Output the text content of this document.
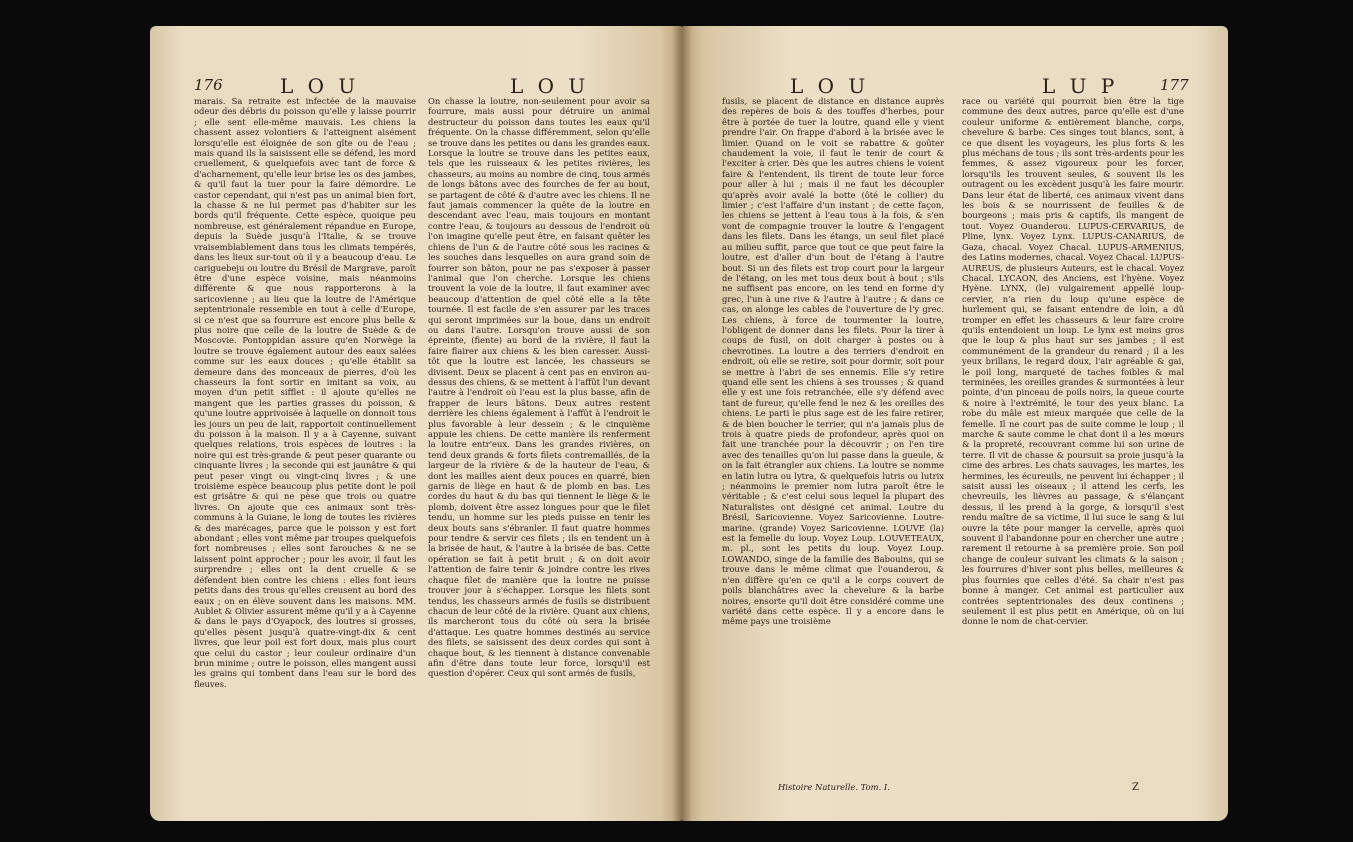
176	L O U	L O U
marais. Sa retraite est infectée de la mauvaise odeur des débris du poisson qu'elle y laisse pourrir ; elle sent elle-même mauvais. Les chiens la chassent assez volontiers & l'atteignent aisément lorsqu'elle est éloignée de son gîte ou de l'eau ; mais quand ils la saisissent elle se défend, les mord cruellement, & quelquefois avec tant de force & d'acharnement, qu'elle leur brise les os des jambes, & qu'il faut la tuer pour la faire démordre. Le castor cependant, qui n'est pas un animal bien fort, la chasse & ne lui permet pas d'habiter sur les bords qu'il fréquente. Cette espèce, quoique peu nombreuse, est généralement répandue en Europe, depuis la Suède jusqu'à l'Italie, & se trouve vraisemblablement dans tous les climats tempérés, dans les lieux sur-tout où il y a beaucoup d'eau. Le cariguebeju ou loutre du Brésil de Margrave, paroît être d'une espèce voisine, mais néanmoins différente & que nous rapporterons à la saricovienne ; au lieu que la loutre de l'Amérique septentrionale ressemble en tout à celle d'Europe, si ce n'est que sa fourrure est encore plus belle & plus noire que celle de la loutre de Suède & de Moscovie. Pontoppidan assure qu'en Norwège la loutre se trouve également autour des eaux salées comme sur les eaux douces ; qu'elle établit sa demeure dans des monceaux de pierres, d'où les chasseurs la font sortir en imitant sa voix, au moyen d'un petit sifflet : il ajoute qu'elles ne mangent que les parties grasses du poisson, & qu'une loutre apprivoisée à laquelle on donnoit tous les jours un peu de lait, rapportoit continuellement du poisson à la maison. Il y a à Cayenne, suivant quelques relations, trois espèces de loutres : la noire qui est très-grande & peut peser quarante ou cinquante livres ; la seconde qui est jaunâtre & qui peut peser vingt ou vingt-cinq livres ; & une troisième espèce beaucoup plus petite dont le poil est grisâtre & qui ne pèse que trois ou quatre livres. On ajoute que ces animaux sont très-communs à la Guiane, le long de toutes les rivières & des marécages, parce que le poisson y est fort abondant ; elles vont même par troupes quelquefois fort nombreuses ; elles sont farouches & ne se laissent point approcher ; pour les avoir, il faut les surprendre ; elles ont la dent cruelle & se défendent bien contre les chiens : elles font leurs petits dans des trous qu'elles creusent au bord des eaux ; on en élève souvent dans les maisons. MM. Aublet & Olivier assurent même qu'il y a à Cayenne & dans le pays d'Oyapock, des loutres si grosses, qu'elles pèsent jusqu'à quatre-vingt-dix & cent livres, que leur poil est fort doux, mais plus court que celui du castor ; leur couleur ordinaire d'un brun minime ; outre le poisson, elles mangent aussi les grains qui tombent dans l'eau sur le bord des fleuves.
On chasse la loutre, non-seulement pour avoir sa fourrure, mais aussi pour détruire un animal destructeur du poisson dans toutes les eaux qu'il fréquente. On la chasse différemment, selon qu'elle se trouve dans les petites ou dans les grandes eaux. Lorsque la loutre se trouve dans les petites eaux, tels que les ruisseaux & les petites rivières, les chasseurs, au moins au nombre de cinq, tous armés de longs bâtons avec des fourches de fer au bout, se partagent de côté & d'autre avec les chiens. Il ne faut jamais commencer la quête de la loutre en descendant avec l'eau, mais toujours en montant contre l'eau, & toujours au dessous de l'endroit où l'on imagine qu'elle peut être, en faisant quêter les chiens de l'un & de l'autre côté sous les racines & les souches dans lesquelles on aura grand soin de fourrer son bâton, pour ne pas s'exposer à passer l'animal que l'on cherche. Lorsque les chiens trouvent la voie de la loutre, il faut examiner avec beaucoup d'attention de quel côté elle a la tête tournée. Il est facile de s'en assurer par les traces qui seront imprimées sur la boue, dans un endroit ou dans l'autre. Lorsqu'on trouve aussi de son épreinte, (fiente) au bord de la rivière, il faut la faire flairer aux chiens & les bien caresser. Aussi-tôt que la loutre est lancée, les chasseurs se divisent. Deux se placent à cent pas en environ au-dessus des chiens, & se mettent à l'affût l'un devant l'autre à l'endroit où l'eau est la plus basse, afin de frapper de leurs bâtons. Deux autres restent derrière les chiens également à l'affût à l'endroit le plus favorable à leur dessein ; & le cinquième appuie les chiens. De cette manière ils renferment la loutre entr'eux. Dans les grandes rivières, on tend deux grands & forts filets contremaillés, de la largeur de la rivière & de la hauteur de l'eau, & dont les mailles aient deux pouces en quarré, bien garnis de liège en haut & de plomb en bas. Les cordes du haut & du bas qui tiennent le liège & le plomb, doivent être assez longues pour que le filet tendu, un homme sur les pieds puisse en tenir les deux bouts sans s'ébranler. Il faut quatre hommes pour tendre & servir ces filets ; ils en tendent un à la brisée de haut, & l'autre à la brisée de bas. Cette opération se fait à petit bruit ; & on doit avoir l'attention de faire tenir & joindre contre les rives chaque filet de manière que la loutre ne puisse trouver jour à s'échapper. Lorsque les filets sont tendus, les chasseurs armés de fusils se distribuent chacun de leur côté de la rivière. Quant aux chiens, ils marcheront tous du côté où sera la brisée d'attaque. Les quatre hommes destinés au service des filets, se saisissent des deux cordes qui sont à chaque bout, & les tiennent à distance convenable afin d'être dans toute leur force, lorsqu'il est question d'opérer. Ceux qui sont armés de fusils,
L O U	L U P	177
fusils, se placent de distance en distance auprès des repères de bois & des touffes d'herbes, pour être à portée de tuer la loutre, quand elle y vient prendre l'air. On frappe d'abord à la brisée avec le limier. Quand on le voit se rabattre & goûter chaudement la voie, il faut le tenir de court & l'exciter à crier. Dès que les autres chiens le voient faire & l'entendent, ils tirent de toute leur force pour aller à lui ; mais il ne faut les découpler qu'après avoir avalé la botte (ôté le collier) du limier ; c'est l'affaire d'un instant ; de cette façon, les chiens se jettent à l'eau tous à la fois, & s'en vont de compagnie trouver la loutre & l'engagent dans les filets. Dans les étangs, un seul filet placé au milieu suffit, parce que tout ce que peut faire la loutre, est d'aller d'un bout de l'étang à l'autre bout. Si un des filets est trop court pour la largeur de l'étang, on les met tous deux bout à bout ; s'ils ne suffisent pas encore, on les tend en forme d'y grec, l'un à une rive & l'autre à l'autre ; & dans ce cas, on alonge les cables de l'ouverture de l'y grec. Les chiens, à force de tourmenter la loutre, l'obligent de donner dans les filets. Pour la tirer à coups de fusil, on doit charger à postes ou à chevrotines. La loutre a des terriers d'endroit en endroit, où elle se retire, soit pour dormir, soit pour se mettre à l'abri de ses ennemis. Elle s'y retire quand elle sent les chiens à ses trousses ; & quand elle y est une fois retranchée, elle s'y défend avec tant de fureur, qu'elle fend le nez & les oreilles des chiens. Le parti le plus sage est de les faire retirer, & de bien boucher le terrier, qui n'a jamais plus de trois à quatre pieds de profondeur, après quoi on fait une tranchée pour la découvrir ; on l'en tire avec des tenailles qu'on lui passe dans la gueule, & on la fait étrangler aux chiens. La loutre se nomme en latin lutra ou lytra, & quelquefois lutris ou lutrix ; néanmoins le premier nom lutra paroît être le véritable ; & c'est celui sous lequel la plupart des Naturalistes ont désigné cet animal. Loutre du Brésil, Saricovienne. Voyez Saricovienne. Loutre-marine. (grande) Voyez Saricovienne. LOUVE (la) est la femelle du loup. Voyez Loup. LOUVETEAUX, m. pl., sont les petits du loup. Voyez Loup. LOWANDO, singe de la famille des Babouins, qui se trouve dans le même climat que l'ouanderou, & n'en diffère qu'en ce qu'il a le corps couvert de poils blanchâtres avec la chevelure & la barbe noires, ensorte qu'il doit être considéré comme une variété dans cette espèce. Il y a encore dans le même pays une troisième
race ou variété qui pourroit bien être la tige commune des deux autres, parce qu'elle est d'une couleur uniforme & entièrement blanche, corps, chevelure & barbe. Ces singes tout blancs, sont, à ce que disent les voyageurs, les plus forts & les plus méchans de tous ; ils sont très-ardents pour les femmes, & assez vigoureux pour les forcer, lorsqu'ils les trouvent seules, & souvent ils les outragent ou les excèdent jusqu'à les faire mourir. Dans leur état de liberté, ces animaux vivent dans les bois & se nourrissent de feuilles & de bourgeons ; mais pris & captifs, ils mangent de tout. Voyez Ouanderou. LUPUS-CERVARIUS, de Pline, lynx. Voyez Lynx. LUPUS-CANARIUS, de Gaza, chacal. Voyez Chacal. LUPUS-ARMENIUS, des Latins modernes, chacal. Voyez Chacal. LUPUS-AUREUS, de plusieurs Auteurs, est le chacal. Voyez Chacal. LYCAON, des Anciens, est l'hyène. Voyez Hyène. LYNX, (le) vulgairement appellé loup-cervier, n'a rien du loup qu'une espèce de hurlement qui, se faisant entendre de loin, a dû tromper en effet les chasseurs & leur faire croire qu'ils entendoient un loup. Le lynx est moins gros que le loup & plus haut sur ses jambes ; il est communément de la grandeur du renard ; il a les yeux brillans, le regard doux, l'air agréable & gai, le poil long, marqueté de taches foibles & mal terminées, les oreilles grandes & surmontées à leur pointe, d'un pinceau de poils noirs, la queue courte & noire à l'extrémité, le tour des yeux blanc. La robe du mâle est mieux marquée que celle de la femelle. Il ne court pas de suite comme le loup ; il marche & saute comme le chat dont il a les mœurs & la propreté, recouvrant comme lui son urine de terre. Il vit de chasse & poursuit sa proie jusqu'à la cime des arbres. Les chats sauvages, les martes, les hermines, les écureuils, ne peuvent lui échapper ; il saisit aussi les oiseaux ; il attend les cerfs, les chevreuils, les lièvres au passage, & s'élançant dessus, il les prend à la gorge, & lorsqu'il s'est rendu maître de sa victime, il lui suce le sang & lui ouvre la tête pour manger la cervelle, après quoi souvent il l'abandonne pour en chercher une autre ; rarement il retourne à sa première proie. Son poil change de couleur suivant les climats & la saison ; les fourrures d'hiver sont plus belles, meilleures & plus fournies que celles d'été. Sa chair n'est pas bonne à manger. Cet animal est particulier aux contrées septentrionales des deux continens ; seulement il est plus petit en Amérique, où on lui donne le nom de chat-cervier.
Histoire Naturelle. Tom. I.	Z
